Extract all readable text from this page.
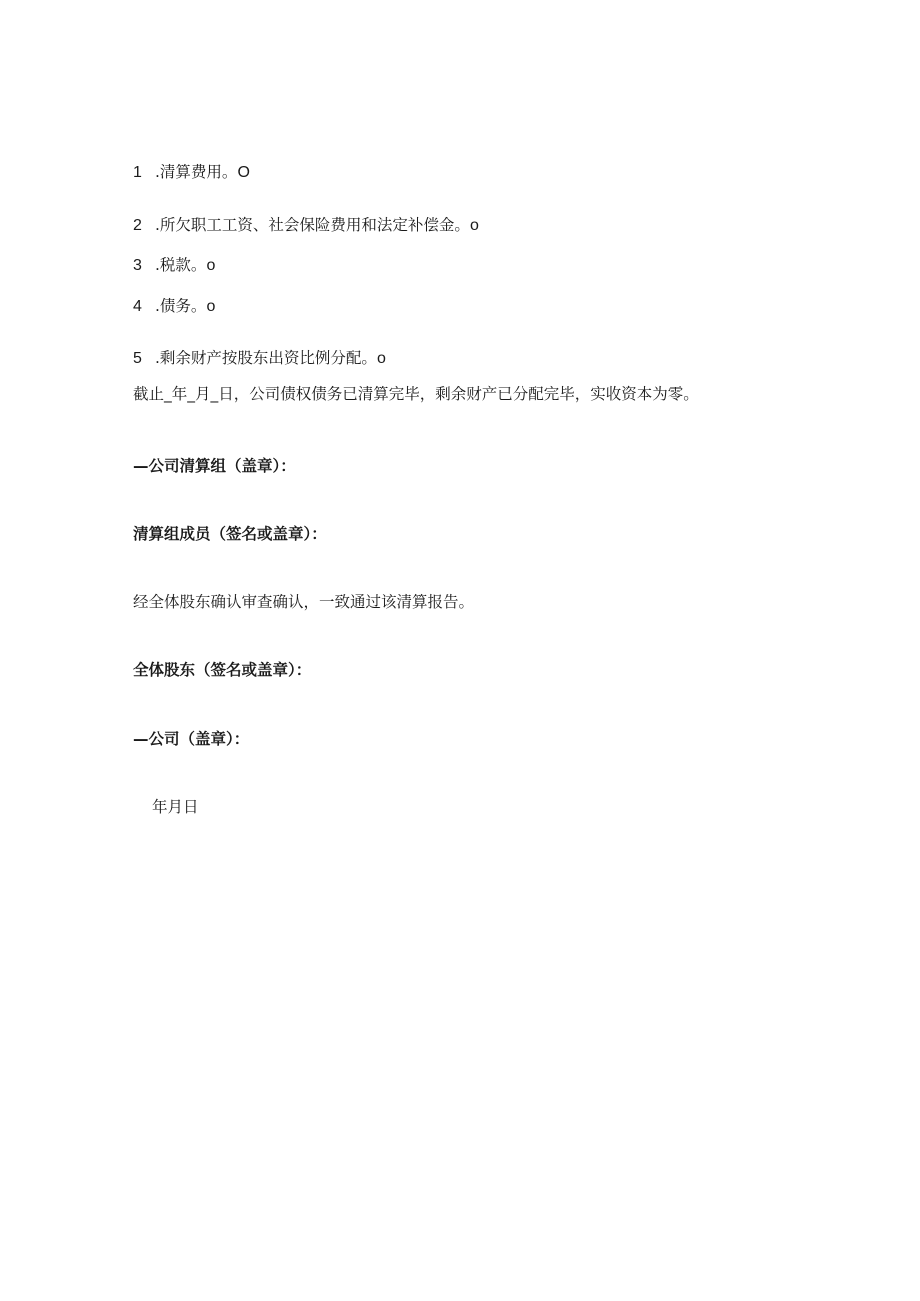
1 .清算费用。O
2 .所欠职工工资、社会保险费用和法定补偿金。o
3 .税款。o
4 .债务。o
5 .剩余财产按股东出资比例分配。o
截止_年_月_日，公司债权债务已清算完毕，剩余财产已分配完毕，实收资本为零。
—公司清算组（盖章）：
清算组成员（签名或盖章）：
经全体股东确认审查确认，一致通过该清算报告。
全体股东（签名或盖章）：
—公司（盖章）：
年月日
